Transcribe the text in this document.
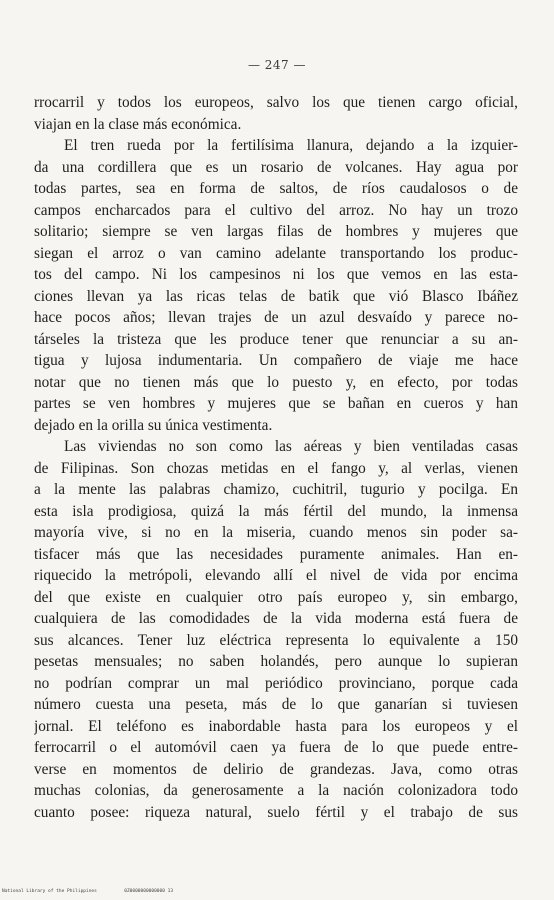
— 247 —
rrocarril y todos los europeos, salvo los que tienen cargo oficial,
viajan en la clase más económica.
El tren rueda por la fertilísima llanura, dejando a la izquier-
da una cordillera que es un rosario de volcanes. Hay agua por
todas partes, sea en forma de saltos, de ríos caudalosos o de
campos encharcados para el cultivo del arroz. No hay un trozo
solitario; siempre se ven largas filas de hombres y mujeres que
siegan el arroz o van camino adelante transportando los produc-
tos del campo. Ni los campesinos ni los que vemos en las esta-
ciones llevan ya las ricas telas de batik que vió Blasco Ibáñez
hace pocos años; llevan trajes de un azul desvaído y parece no-
társeles la tristeza que les produce tener que renunciar a su an-
tigua y lujosa indumentaria. Un compañero de viaje me hace
notar que no tienen más que lo puesto y, en efecto, por todas
partes se ven hombres y mujeres que se bañan en cueros y han
dejado en la orilla su única vestimenta.
Las viviendas no son como las aéreas y bien ventiladas casas
de Filipinas. Son chozas metidas en el fango y, al verlas, vienen
a la mente las palabras chamizo, cuchitril, tugurio y pocilga. En
esta isla prodigiosa, quizá la más fértil del mundo, la inmensa
mayoría vive, si no en la miseria, cuando menos sin poder sa-
tisfacer más que las necesidades puramente animales. Han en-
riquecido la metrópoli, elevando allí el nivel de vida por encima
del que existe en cualquier otro país europeo y, sin embargo,
cualquiera de las comodidades de la vida moderna está fuera de
sus alcances. Tener luz eléctrica representa lo equivalente a 150
pesetas mensuales; no saben holandés, pero aunque lo supieran
no podrían comprar un mal periódico provinciano, porque cada
número cuesta una peseta, más de lo que ganarían si tuviesen
jornal. El teléfono es inabordable hasta para los europeos y el
ferrocarril o el automóvil caen ya fuera de lo que puede entre-
verse en momentos de delirio de grandezas. Java, como otras
muchas colonias, da generosamente a la nación colonizadora todo
cuanto posee: riqueza natural, suelo fértil y el trabajo de sus
National Library of the Philippines	0Z0000000000000 13
